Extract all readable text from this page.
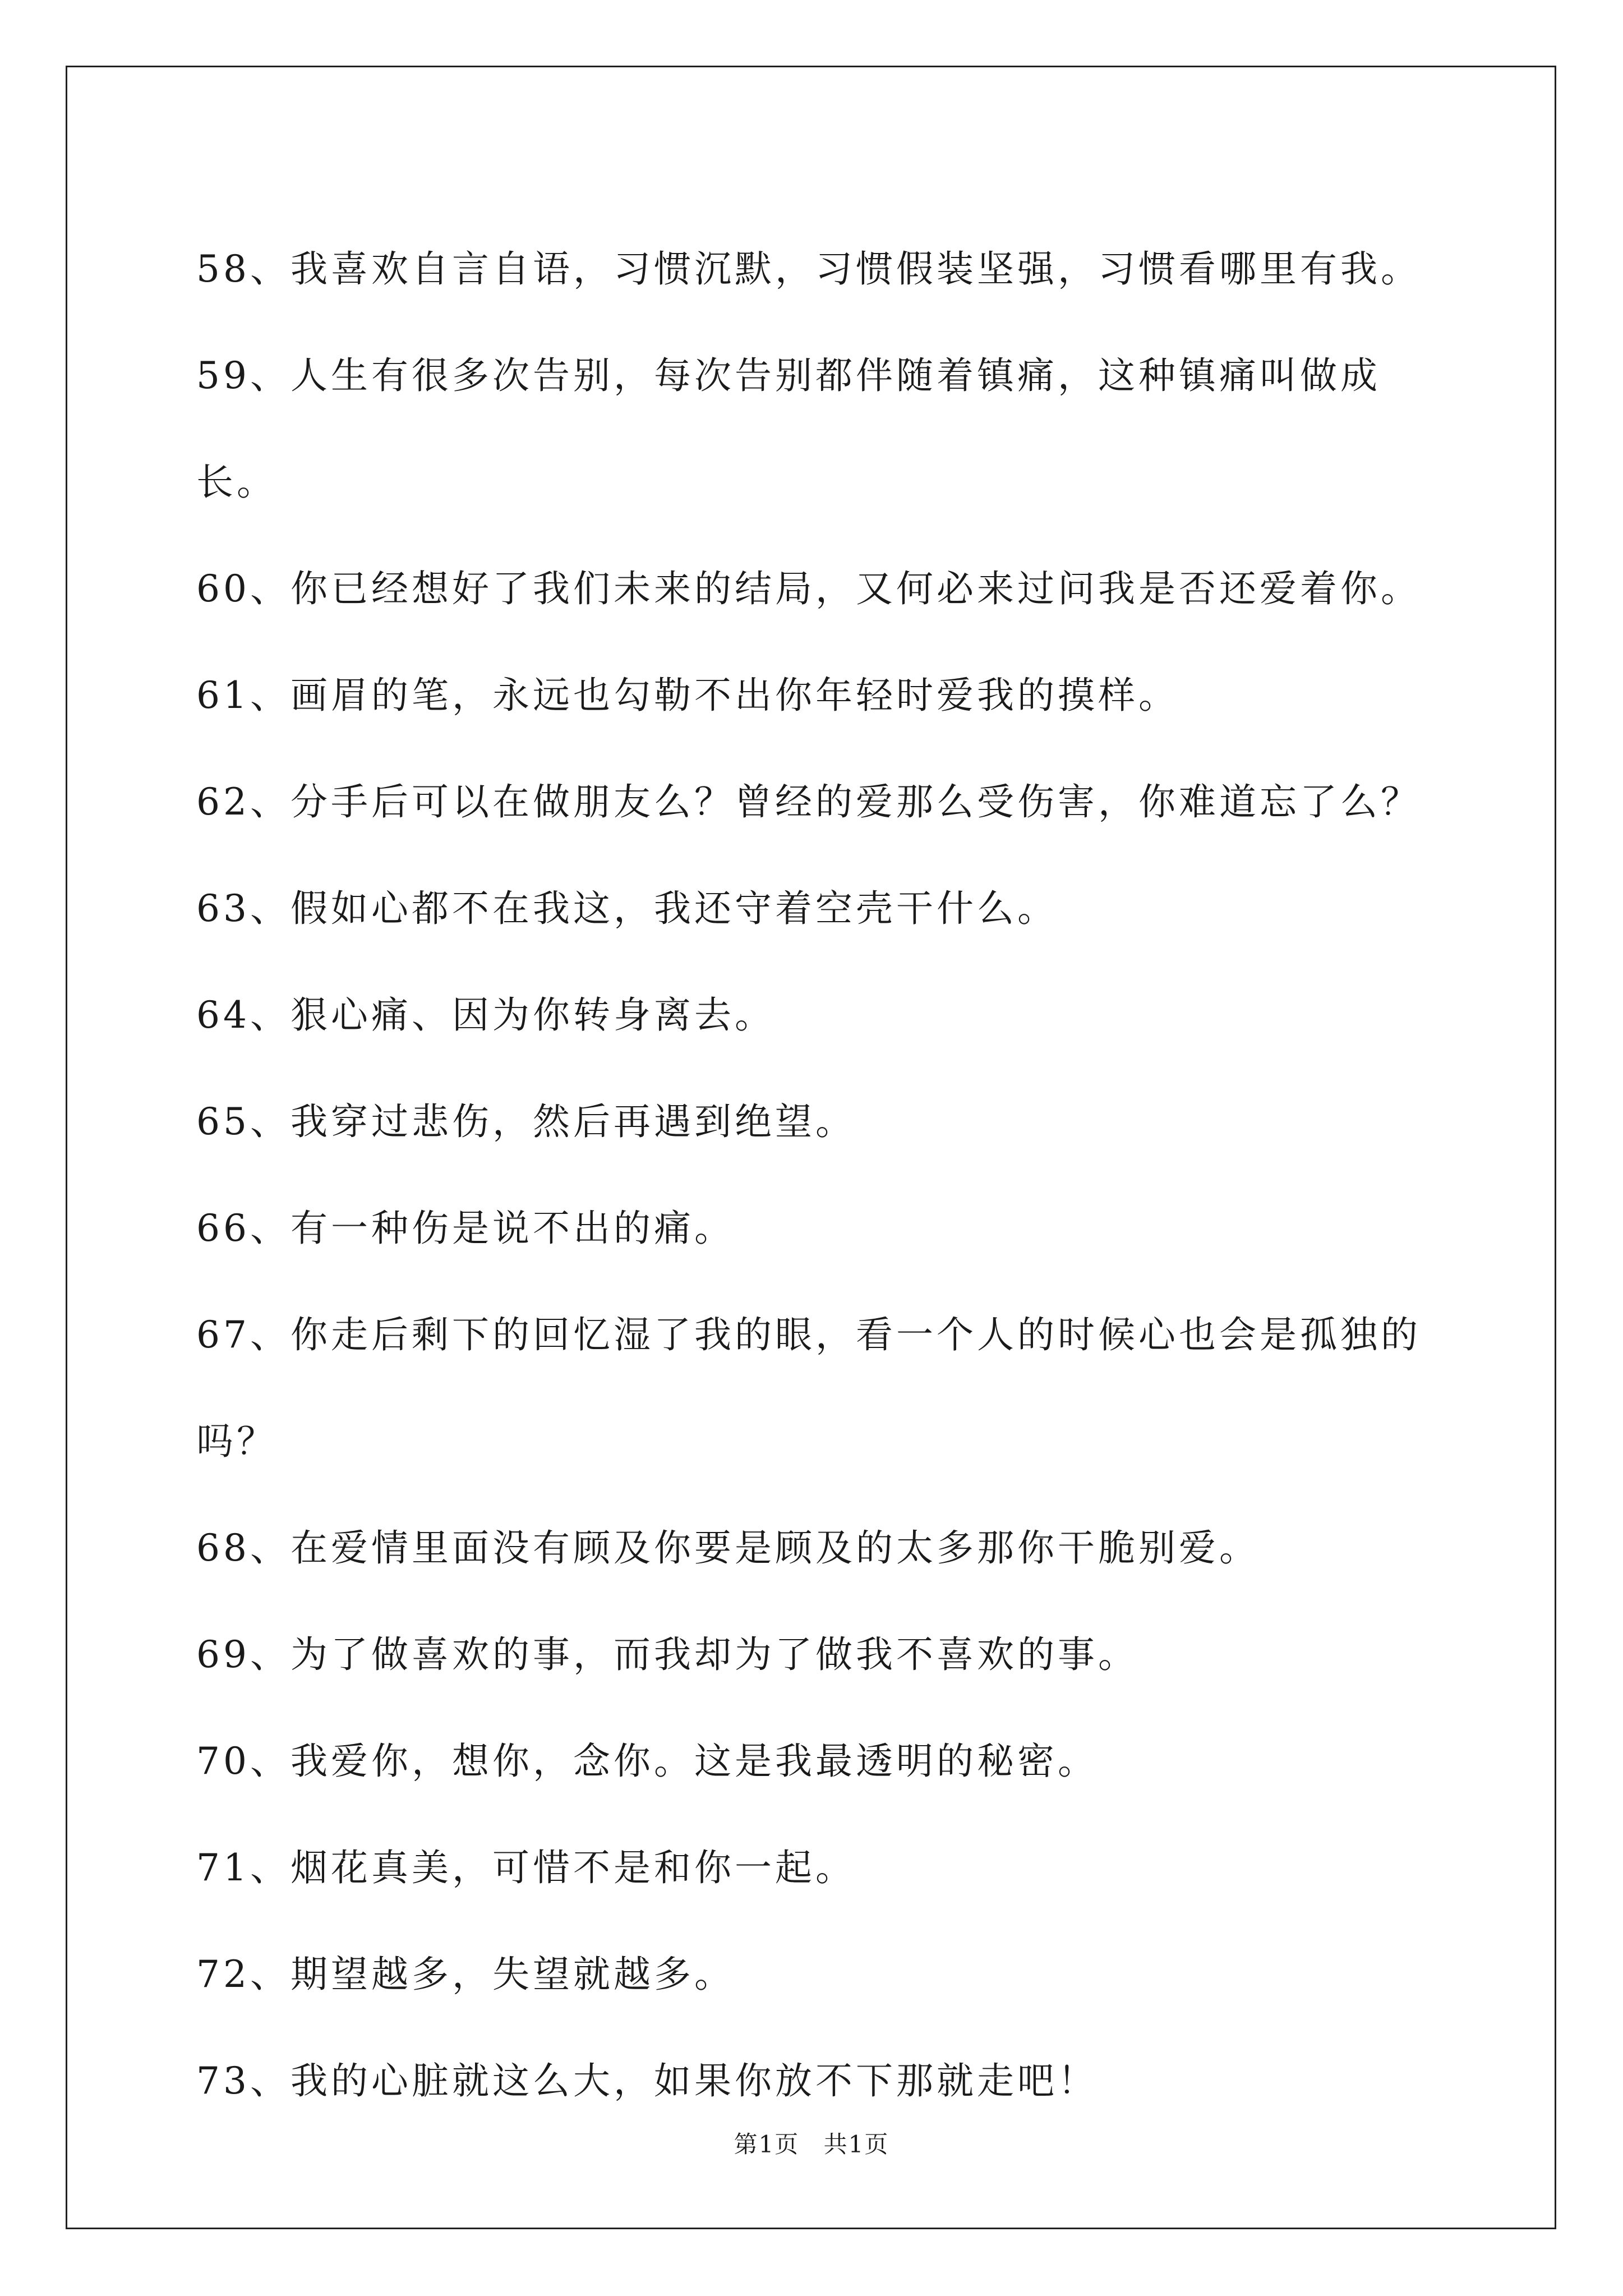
58、我喜欢自言自语，习惯沉默，习惯假装坚强，习惯看哪里有我。
59、人生有很多次告别，每次告别都伴随着镇痛，这种镇痛叫做成长。
60、你已经想好了我们未来的结局，又何必来过问我是否还爱着你。
61、画眉的笔，永远也勾勒不出你年轻时爱我的摸样。
62、分手后可以在做朋友么？曾经的爱那么受伤害，你难道忘了么？
63、假如心都不在我这，我还守着空壳干什么。
64、狠心痛、因为你转身离去。
65、我穿过悲伤，然后再遇到绝望。
66、有一种伤是说不出的痛。
67、你走后剩下的回忆湿了我的眼，看一个人的时候心也会是孤独的吗？
68、在爱情里面没有顾及你要是顾及的太多那你干脆别爱。
69、为了做喜欢的事，而我却为了做我不喜欢的事。
70、我爱你，想你，念你。这是我最透明的秘密。
71、烟花真美，可惜不是和你一起。
72、期望越多，失望就越多。
73、我的心脏就这么大，如果你放不下那就走吧！
第1页 共1页
